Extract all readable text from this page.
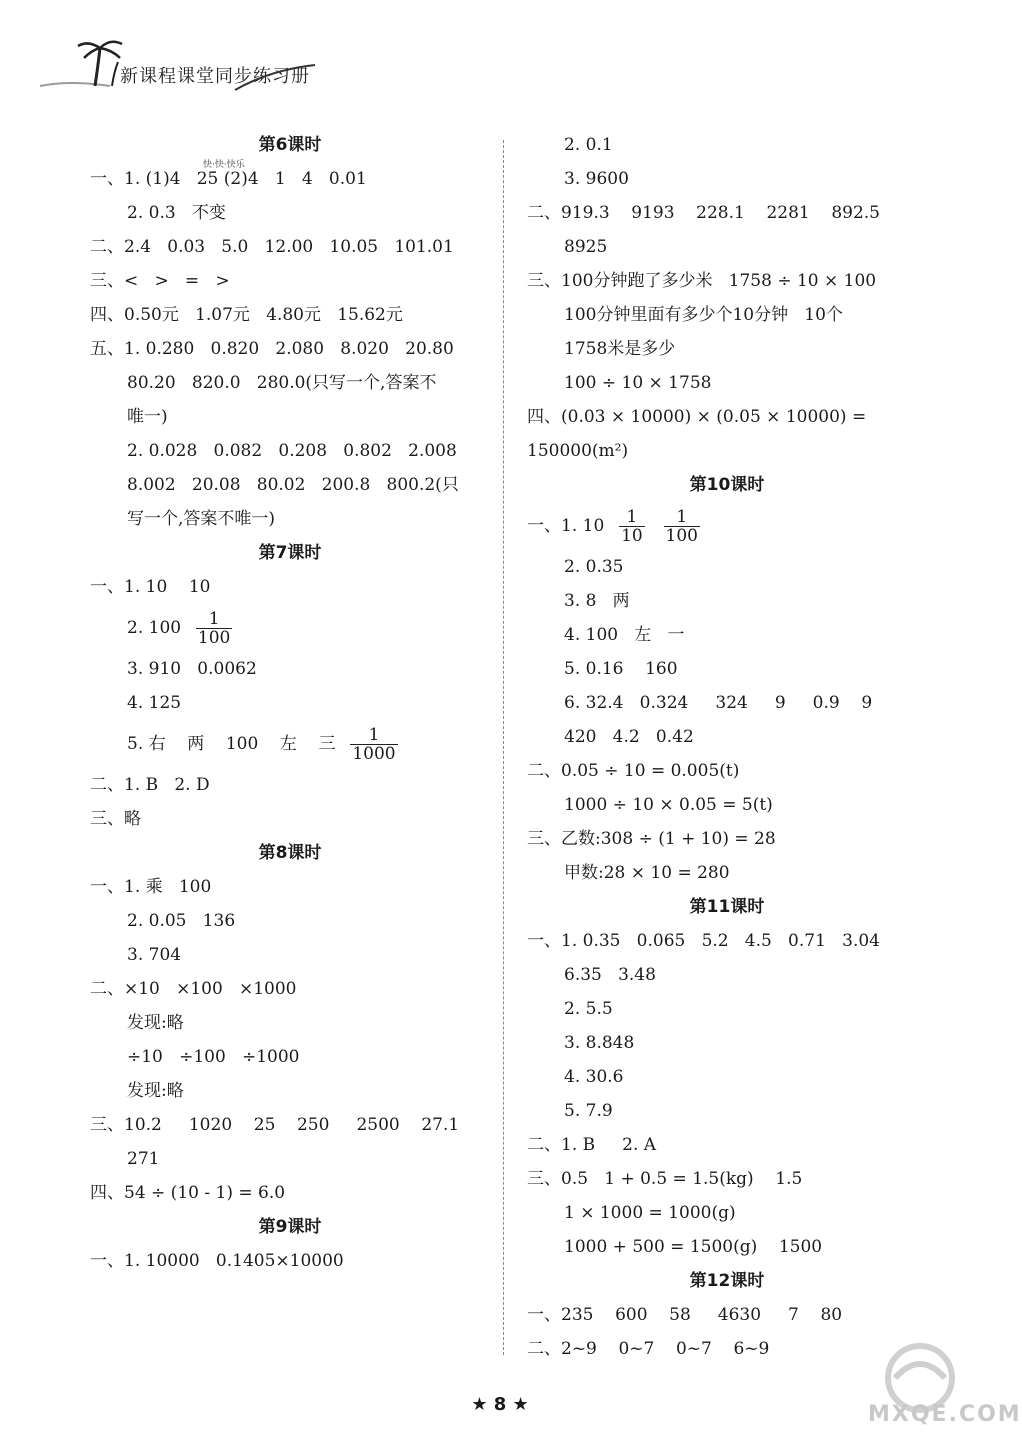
新课程课堂同步练习册
快·快·快乐
第6课时
一、1. (1)4   25 (2)4   1   4   0.01
2. 0.3   不变
二、2.4   0.03   5.0   12.00   10.05   101.01
三、<   >   =   >
四、0.50元   1.07元   4.80元   15.62元
五、1. 0.280   0.820   2.080   8.020   20.80
80.20   820.0   280.0(只写一个,答案不
唯一)
2. 0.028   0.082   0.208   0.802   2.008
8.002   20.08   80.02   200.8   800.2(只
写一个,答案不唯一)
第7课时
一、1. 10    10
2. $100 \frac{1}{100}$
3. 910   0.0062
4. 125
5. 右    两    100    左    三 $\frac{1}{1000}$
二、1. B   2. D
三、略
第8课时
一、1. 乘   100
2. 0.05   136
3. 704
二、×10   ×100   ×1000
发现:略
÷10   ÷100   ÷1000
发现:略
三、10.2     1020    25    250     2500    27.1
271
四、54 ÷ (10 - 1) = 6.0
第9课时
一、1. 10000   0.1405×10000
2. 0.1
3. 9600
二、919.3    9193    228.1    2281    892.5
8925
三、100分钟跑了多少米   1758 ÷ 10 × 100
100分钟里面有多少个10分钟   10个
1758米是多少
100 ÷ 10 × 1758
四、(0.03 × 10000) × (0.05 × 10000) =
150000(m²)
第10课时
一、1. $10 \frac{1}{10}$
$\frac{1}{100}$
2. 0.35
3. 8   两
4. 100   左   一
5. 0.16    160
6. 32.4   0.324     324     9     0.9    9
420   4.2   0.42
二、0.05 ÷ 10 = 0.005(t)
1000 ÷ 10 × 0.05 = 5(t)
三、乙数:308 ÷ (1 + 10) = 28
甲数:28 × 10 = 280
第11课时
一、1. 0.35   0.065   5.2   4.5   0.71   3.04
6.35   3.48
2. 5.5
3. 8.848
4. 30.6
5. 7.9
二、1. B     2. A
三、0.5   1 + 0.5 = 1.5(kg)    1.5
1 × 1000 = 1000(g)
1000 + 500 = 1500(g)    1500
第12课时
一、235    600    58     4630     7    80
二、2~9    0~7    0~7    6~9
★ 8 ★	MXQE.COM
